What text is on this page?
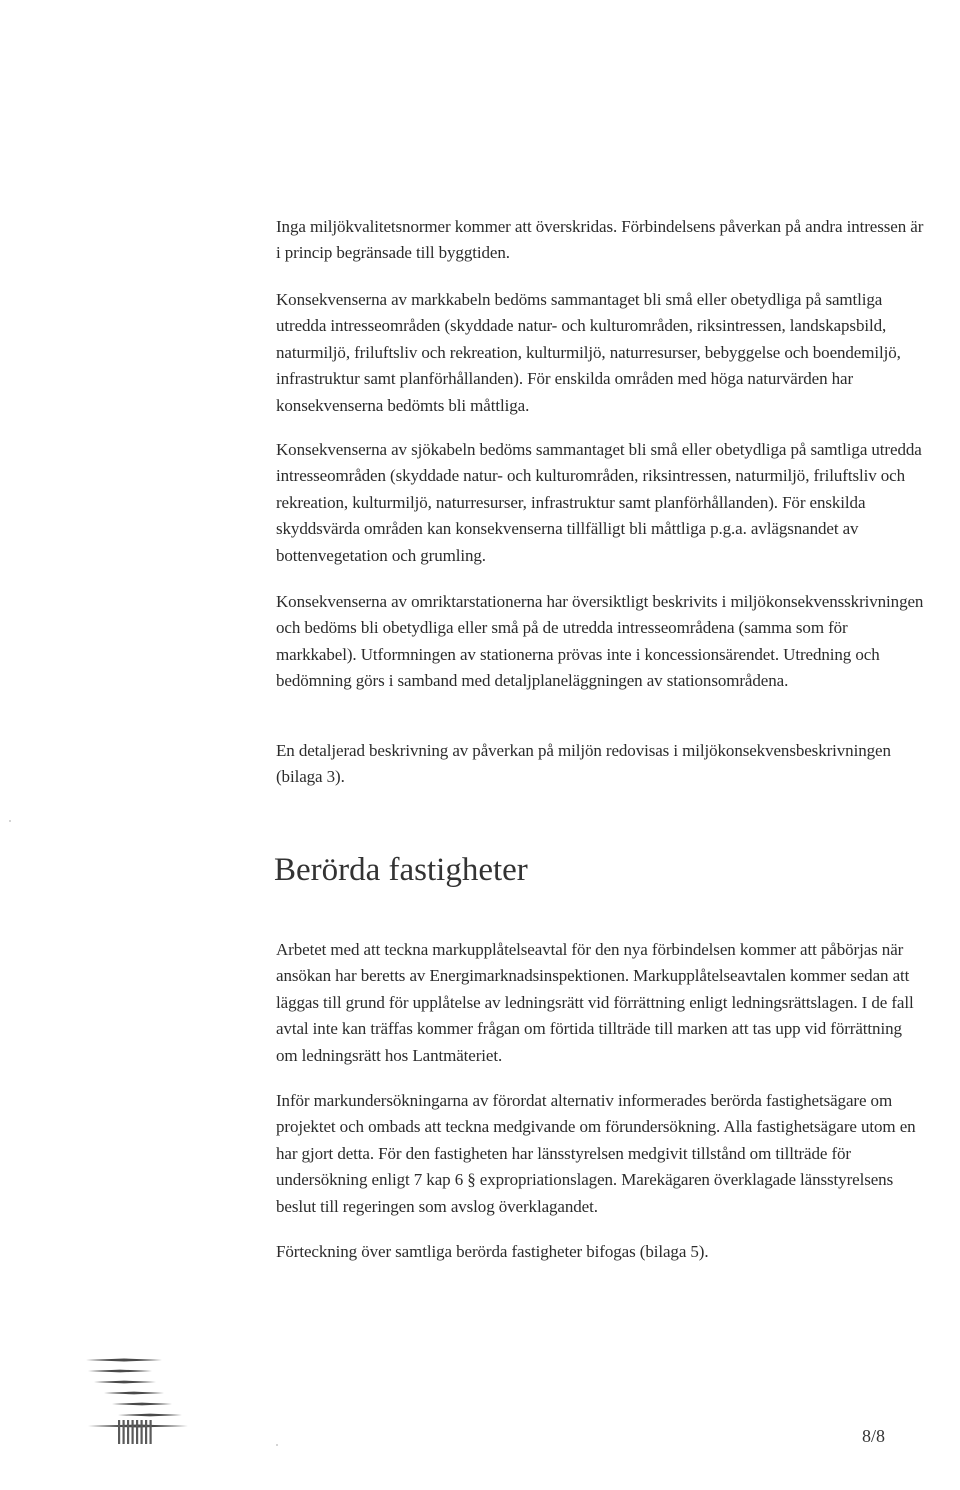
Inga miljökvalitetsnormer kommer att överskridas. Förbindelsens påverkan på andra intressen är i princip begränsade till byggtiden.

Konsekvenserna av markkabeln bedöms sammantaget bli små eller obetydliga på samtliga utredda intresseområden (skyddade natur- och kulturområden, riksintressen, landskapsbild, naturmiljö, friluftsliv och rekreation, kulturmiljö, naturresurser, bebyggelse och boendemiljö, infrastruktur samt planförhållanden). För enskilda områden med höga naturvärden har konsekvenserna bedömts bli måttliga.

Konsekvenserna av sjökabeln bedöms sammantaget bli små eller obetydliga på samtliga utredda intresseområden (skyddade natur- och kulturområden, riksintressen, naturmiljö, friluftsliv och rekreation, kulturmiljö, naturresurser, infrastruktur samt planförhållanden). För enskilda skyddsvärda områden kan konsekvenserna tillfälligt bli måttliga p.g.a. avlägsnandet av bottenvegetation och grumling.

Konsekvenserna av omriktarstationerna har översiktligt beskrivits i miljökonsekvensskrivningen och bedöms bli obetydliga eller små på de utredda intresseområdena (samma som för markkabel). Utformningen av stationerna prövas inte i koncessionsärendet. Utredning och bedömning görs i samband med detaljplaneläggningen av stationsområdena.

En detaljerad beskrivning av påverkan på miljön redovisas i miljökonsekvensbeskrivningen (bilaga 3).

Berörda fastigheter

Arbetet med att teckna markupplåtelseavtal för den nya förbindelsen kommer att påbörjas när ansökan har beretts av Energimarknadsinspektionen. Markupplåtelseavtalen kommer sedan att läggas till grund för upplåtelse av ledningsrätt vid förrättning enligt ledningsrättslagen. I de fall avtal inte kan träffas kommer frågan om förtida tillträde till marken att tas upp vid förrättning om ledningsrätt hos Lantmäteriet.

Inför markundersökningarna av förordat alternativ informerades berörda fastighetsägare om projektet och ombads att teckna medgivande om förundersökning. Alla fastighetsägare utom en har gjort detta. För den fastigheten har länsstyrelsen medgivit tillstånd om tillträde för undersökning enligt 7 kap 6 § expropriationslagen. Marekägaren överklagade länsstyrelsens beslut till regeringen som avslog överklagandet.

Förteckning över samtliga berörda fastigheter bifogas (bilaga 5).

8/8
